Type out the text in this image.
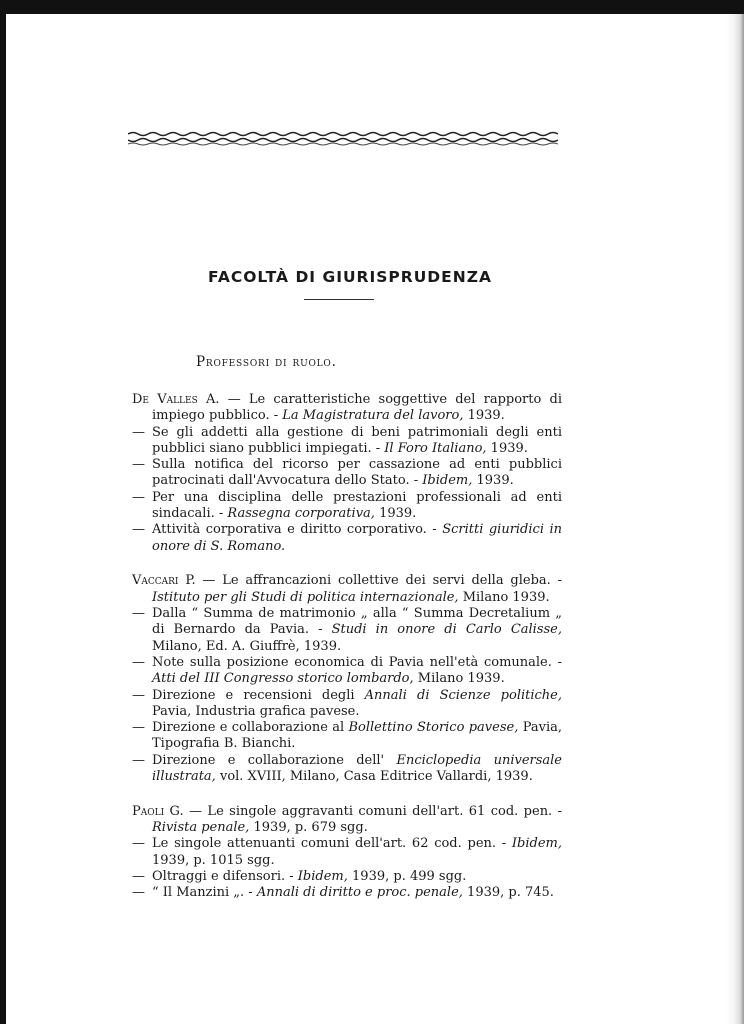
FACOLTÀ DI GIURISPRUDENZA
Professori di ruolo.
De Valles A. — Le caratteristiche soggettive del rapporto di impiego pubblico. - La Magistratura del lavoro, 1939.
— Se gli addetti alla gestione di beni patrimoniali degli enti pubblici siano pubblici impiegati. - Il Foro Italiano, 1939.
— Sulla notifica del ricorso per cassazione ad enti pubblici patrocinati dall'Avvocatura dello Stato. - Ibidem, 1939.
— Per una disciplina delle prestazioni professionali ad enti sindacali. - Rassegna corporativa, 1939.
— Attività corporativa e diritto corporativo. - Scritti giuridici in onore di S. Romano.
Vaccari P. — Le affrancazioni collettive dei servi della gleba. - Istituto per gli Studi di politica internazionale, Milano 1939.
— Dalla “ Summa de matrimonio „ alla “ Summa Decretalium „ di Bernardo da Pavia. - Studi in onore di Carlo Calisse, Milano, Ed. A. Giuffrè, 1939.
— Note sulla posizione economica di Pavia nell'età comunale. - Atti del III Congresso storico lombardo, Milano 1939.
— Direzione e recensioni degli Annali di Scienze politiche, Pavia, Industria grafica pavese.
— Direzione e collaborazione al Bollettino Storico pavese, Pavia, Tipografia B. Bianchi.
— Direzione e collaborazione dell' Enciclopedia universale illustrata, vol. XVIII, Milano, Casa Editrice Vallardi, 1939.
Paoli G. — Le singole aggravanti comuni dell'art. 61 cod. pen. - Rivista penale, 1939, p. 679 sgg.
— Le singole attenuanti comuni dell'art. 62 cod. pen. - Ibidem, 1939, p. 1015 sgg.
— Oltraggi e difensori. - Ibidem, 1939, p. 499 sgg.
— “ Il Manzini „. - Annali di diritto e proc. penale, 1939, p. 745.
